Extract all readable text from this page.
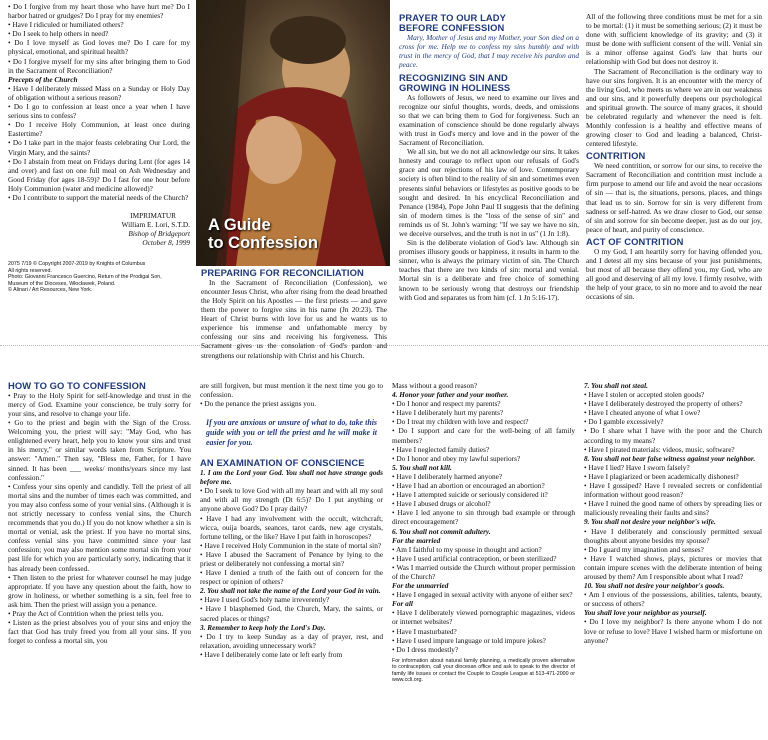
• Do I forgive from my heart those who have hurt me? Do I harbor hatred or grudges? Do I pray for my enemies?

• Have I ridiculed or humiliated others?

• Do I seek to help others in need?

• Do I love myself as God loves me? Do I care for my physical, emotional, and spiritual health?

• Do I forgive myself for my sins after bringing them to God in the Sacrament of Reconciliation?

Precepts of the Church

• Have I deliberately missed Mass on a Sunday or Holy Day of obligation without a serious reason?

• Do I go to confession at least once a year when I have serious sins to confess?

• Do I receive Holy Communion, at least once during Eastertime?

• Do I take part in the major feasts celebrating Our Lord, the Virgin Mary, and the saints?

• Do I abstain from meat on Fridays during Lent (for ages 14 and over) and fast on one full meal on Ash Wednesday and Good Friday (for ages 18-59)? Do I fast for one hour before Holy Communion (water and medicine allowed)?

• Do I contribute to support the material needs of the Church?

IMPRIMATUR

William E. Lori, S.T.D.

Bishop of Bridgeport

October 8, 1999

2075 7/19 © Copyright 2007-2019 by Knights of Columbus

All rights reserved.

Photo: Giovanni Francesco Guercino, Return of the Prodigal Son,

Museum of the Dioceses, Włocławek, Poland.

© Alinari / Art Resources, New York.

A Guide
to Confession

PREPARING FOR RECONCILIATION

In the Sacrament of Reconciliation (Confession), we encounter Jesus Christ, who after rising from the dead breathed the Holy Spirit on his Apostles — the first priests — and gave them the power to forgive sins in his name (Jn 20:23). The Heart of Christ burns with love for us and he wants us to experience his immense and unfathomable mercy by confessing our sins and receiving his forgiveness. This Sacrament gives us the consolation of God's pardon and strengthens our relationship with Christ and his Church.

PRAYER TO OUR LADY

BEFORE CONFESSION

Mary, Mother of Jesus and my Mother, your Son died on a cross for me. Help me to confess my sins humbly and with trust in the mercy of God, that I may receive his pardon and peace.

RECOGNIZING SIN AND

GROWING IN HOLINESS

As followers of Jesus, we need to examine our lives and recognize our sinful thoughts, words, deeds, and omissions so that we can bring them to God for forgiveness. Such an examination of conscience should be done regularly always with trust in God's mercy and love and in the power of the Sacrament of Reconciliation.

We all sin, but we do not all acknowledge our sins. It takes honesty and courage to reflect upon our refusals of God's grace and our rejections of his law of love. Contemporary society is often blind to the reality of sin and sometimes even presents sinful behaviors or lifestyles as positive goods to be sought and desired. In his encyclical Reconciliation and Penance (1984), Pope John Paul II suggests that the defining sin of modern times is the "loss of the sense of sin" and reminds us of St. John's warning: "If we say we have no sin, we deceive ourselves, and the truth is not in us" (1 Jn 1:8).

Sin is the deliberate violation of God's law. Although sin promises illusory goods or happiness, it results in harm to the sinner, who is always the primary victim of sin. The Church teaches that there are two kinds of sin: mortal and venial. Mortal sin is a deliberate and free choice of something known to be seriously wrong that destroys our friendship with God and separates us from him (cf. 1 Jn 5:16-17).

All of the following three conditions must be met for a sin to be mortal: (1) it must be something serious; (2) it must be done with sufficient knowledge of its gravity; and (3) it must be done with sufficient consent of the will. Venial sin is a minor offense against God's law that hurts our relationship with God but does not destroy it.

The Sacrament of Reconciliation is the ordinary way to have our sins forgiven. It is an encounter with the mercy of the living God, who meets us where we are in our weakness and our sins, and it powerfully deepens our psychological and spiritual growth. The source of many graces, it should be celebrated regularly and whenever the need is felt. Monthly confession is a healthy and effective means of growing closer to God and leading a balanced, Christ-centered lifestyle.

CONTRITION

We need contrition, or sorrow for our sins, to receive the Sacrament of Reconciliation and contrition must include a firm purpose to amend our life and avoid the near occasions of sin — that is, the situations, persons, places, and things that lead us to sin. Sorrow for sin is very different from sadness or self-hatred. As we draw closer to God, our sense of sin and sorrow for sin become deeper, just as do our joy, peace of heart, and purity of conscience.

ACT OF CONTRITION

O my God, I am heartily sorry for having offended you, and I detest all my sins because of your just punishments, but most of all because they offend you, my God, who are all good and deserving of all my love. I firmly resolve, with the help of your grace, to sin no more and to avoid the near occasions of sin.

HOW TO GO TO CONFESSION

• Pray to the Holy Spirit for self-knowledge and trust in the mercy of God. Examine your conscience, be truly sorry for your sins, and resolve to change your life.

• Go to the priest and begin with the Sign of the Cross. Welcoming you, the priest will say: "May God, who has enlightened every heart, help you to know your sins and trust in his mercy," or similar words taken from Scripture. You answer: "Amen." Then say, "Bless me, Father, for I have sinned. It has been ___ weeks/ months/years since my last confession."

• Confess your sins openly and candidly. Tell the priest of all mortal sins and the number of times each was committed, and you may also confess some of your venial sins. (Although it is not strictly necessary to confess venial sins, the Church recommends that you do.) If you do not know whether a sin is mortal or venial, ask the priest. If you have no mortal sins, confess venial sins you have committed since your last confession; you may also mention some mortal sin from your past life for which you are particularly sorry, indicating that it has already been confessed.

• Then listen to the priest for whatever counsel he may judge appropriate. If you have any question about the faith, how to grow in holiness, or whether something is a sin, feel free to ask him. Then the priest will assign you a penance.

• Pray the Act of Contrition when the priest tells you.

• Listen as the priest absolves you of your sins and enjoy the fact that God has truly freed you from all your sins. If you forget to confess a mortal sin, you

are still forgiven, but must mention it the next time you go to confession.

• Do the penance the priest assigns you.

If you are anxious or unsure of what to do, take this guide with you or tell the priest and he will make it easier for you.

AN EXAMINATION OF CONSCIENCE

1. I am the Lord your God. You shall not have strange gods before me.

• Do I seek to love God with all my heart and with all my soul and with all my strength (Dt 6:5)? Do I put anything or anyone above God? Do I pray daily?

• Have I had any involvement with the occult, witchcraft, wicca, ouija boards, seances, tarot cards, new age crystals, fortune telling, or the like? Have I put faith in horoscopes?

• Have I received Holy Communion in the state of mortal sin?

• Have I abused the Sacrament of Penance by lying to the priest or deliberately not confessing a mortal sin?

• Have I denied a truth of the faith out of concern for the respect or opinion of others?

2. You shall not take the name of the Lord your God in vain.

• Have I used God's holy name irreverently?

• Have I blasphemed God, the Church, Mary, the saints, or sacred places or things?

3. Remember to keep holy the Lord's Day.

• Do I try to keep Sunday as a day of prayer, rest, and relaxation, avoiding unnecessary work?

• Have I deliberately come late or left early from

Mass without a good reason?

4. Honor your father and your mother.

• Do I honor and respect my parents?

• Have I deliberately hurt my parents?

• Do I treat my children with love and respect?

• Do I support and care for the well-being of all family members?

• Have I neglected family duties?

• Do I honor and obey my lawful superiors?

5. You shall not kill.

• Have I deliberately harmed anyone?

• Have I had an abortion or encouraged an abortion?

• Have I attempted suicide or seriously considered it?

• Have I abused drugs or alcohol?

• Have I led anyone to sin through bad example or through direct encouragement?

6. You shall not commit adultery.

For the married

• Am I faithful to my spouse in thought and action?

• Have I used artificial contraception, or been sterilized?

• Was I married outside the Church without proper permission of the Church?

For the unmarried

• Have I engaged in sexual activity with anyone of either sex?

For all

• Have I deliberately viewed pornographic magazines, videos or internet websites?

• Have I masturbated?

• Have I used impure language or told impure jokes?

• Do I dress modestly?

For information about natural family planning, a medically proven alternative to contraception, call your diocesan office and ask to speak to the director of family life issues or contact the Couple to Couple League at 513-471-2000 or www.ccli.org.

7. You shall not steal.

• Have I stolen or accepted stolen goods?

• Have I deliberately destroyed the property of others?

• Have I cheated anyone of what I owe?

• Do I gamble excessively?

• Do I share what I have with the poor and the Church according to my means?

• Have I pirated materials: videos, music, software?

8. You shall not bear false witness against your neighbor.

• Have I lied? Have I sworn falsely?

• Have I plagiarized or been academically dishonest?

• Have I gossiped? Have I revealed secrets or confidential information without good reason?

• Have I ruined the good name of others by spreading lies or maliciously revealing their faults and sins?

9. You shall not desire your neighbor's wife.

• Have I deliberately and consciously permitted sexual thoughts about anyone besides my spouse?

• Do I guard my imagination and senses?

• Have I watched shows, plays, pictures or movies that contain impure scenes with the deliberate intention of being aroused by them? Am I responsible about what I read?

10. You shall not desire your neighbor's goods.

• Am I envious of the possessions, abilities, talents, beauty, or success of others?

You shall love your neighbor as yourself.

• Do I love my neighbor? Is there anyone whom I do not love or refuse to love? Have I wished harm or misfortune on anyone?
